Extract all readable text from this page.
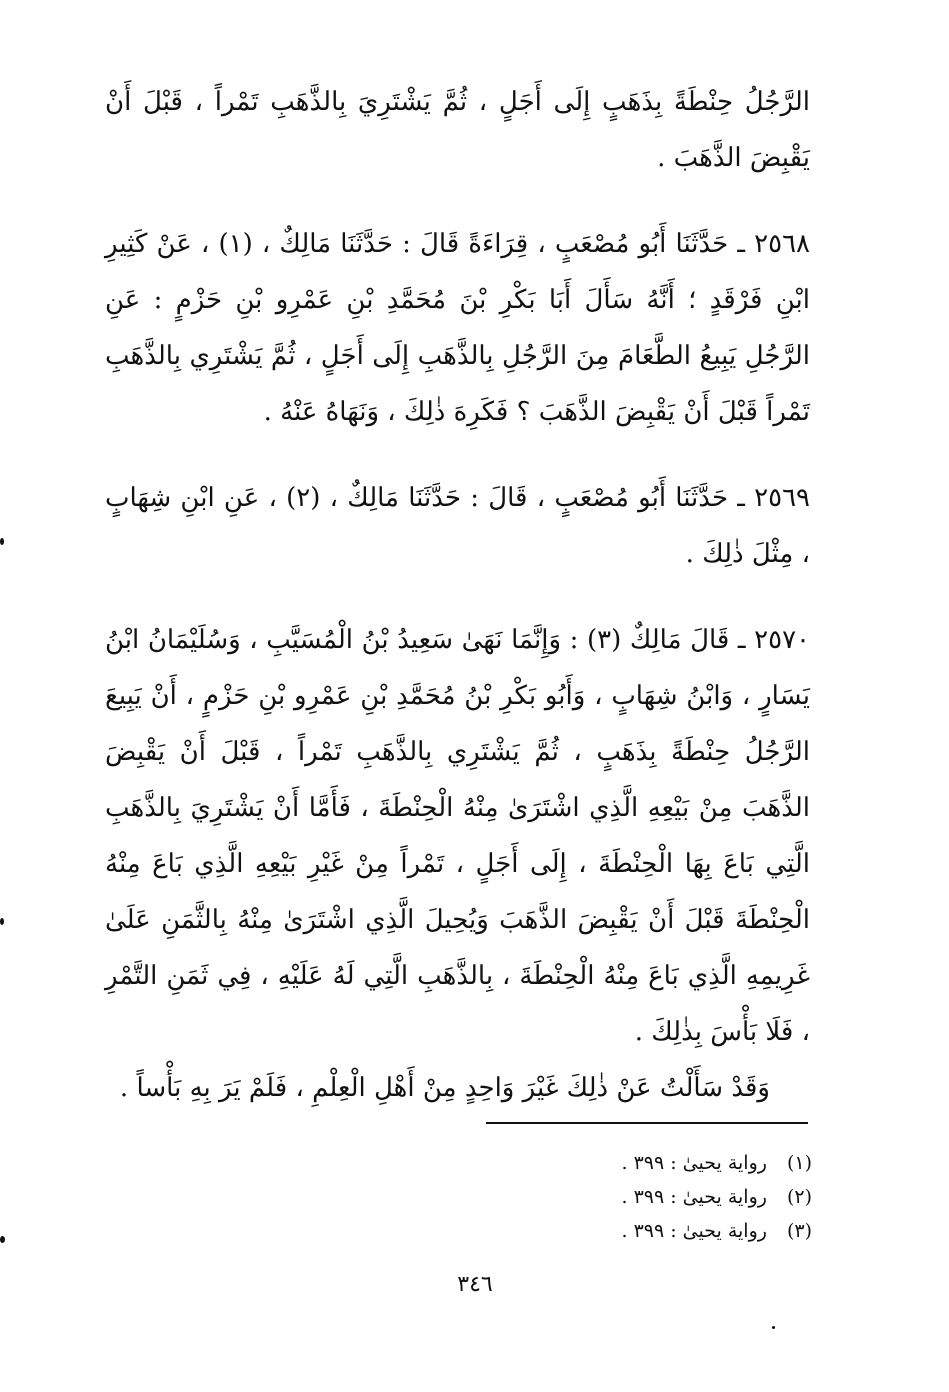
الرَّجُلُ حِنْطَةً بِذَهَبٍ إِلَى أَجَلٍ ، ثُمَّ يَشْتَرِيَ بِالذَّهَبِ تَمْراً ، قَبْلَ أَنْ يَقْبِضَ الذَّهَبَ .

٢٥٦٨ ـ حَدَّثَنَا أَبُو مُصْعَبٍ ، قِرَاءَةً قَالَ : حَدَّثَنَا مَالِكٌ ، (١) ، عَنْ كَثِيرِ ابْنِ فَرْقَدٍ ؛ أَنَّهُ سَأَلَ أَبَا بَكْرِ بْنَ مُحَمَّدِ بْنِ عَمْرِو بْنِ حَزْمٍ : عَنِ الرَّجُلِ يَبِيعُ الطَّعَامَ مِنَ الرَّجُلِ بِالذَّهَبِ إِلَى أَجَلٍ ، ثُمَّ يَشْتَرِي بِالذَّهَبِ تَمْراً قَبْلَ أَنْ يَقْبِضَ الذَّهَبَ ؟ فَكَرِهَ ذٰلِكَ ، وَنَهَاهُ عَنْهُ .

٢٥٦٩ ـ حَدَّثَنَا أَبُو مُصْعَبٍ ، قَالَ : حَدَّثَنَا مَالِكٌ ، (٢) ، عَنِ ابْنِ شِهَابٍ ، مِثْلَ ذٰلِكَ .

٢٥٧٠ ـ قَالَ مَالِكٌ (٣) : وَإِنَّمَا نَهَىٰ سَعِيدُ بْنُ الْمُسَيَّبِ ، وَسُلَيْمَانُ ابْنُ يَسَارٍ ، وَابْنُ شِهَابٍ ، وَأَبُو بَكْرِ بْنُ مُحَمَّدِ بْنِ عَمْرِو بْنِ حَزْمٍ ، أَنْ يَبِيعَ الرَّجُلُ حِنْطَةً بِذَهَبٍ ، ثُمَّ يَشْتَرِي بِالذَّهَبِ تَمْراً ، قَبْلَ أَنْ يَقْبِضَ الذَّهَبَ مِنْ بَيْعِهِ الَّذِي اشْتَرَىٰ مِنْهُ الْحِنْطَةَ ، فَأَمَّا أَنْ يَشْتَرِيَ بِالذَّهَبِ الَّتِي بَاعَ بِهَا الْحِنْطَةَ ، إِلَى أَجَلٍ ، تَمْراً مِنْ غَيْرِ بَيْعِهِ الَّذِي بَاعَ مِنْهُ الْحِنْطَةَ قَبْلَ أَنْ يَقْبِضَ الذَّهَبَ وَيُحِيلَ الَّذِي اشْتَرَىٰ مِنْهُ بِالثَّمَنِ عَلَىٰ غَرِيمِهِ الَّذِي بَاعَ مِنْهُ الْحِنْطَةَ ، بِالذَّهَبِ الَّتِي لَهُ عَلَيْهِ ، فِي ثَمَنِ التَّمْرِ ، فَلَا بَأْسَ بِذٰلِكَ .

وَقَدْ سَأَلْتُ عَنْ ذٰلِكَ غَيْرَ وَاحِدٍ مِنْ أَهْلِ الْعِلْمِ ، فَلَمْ يَرَ بِهِ بَأْساً .

(١)رواية يحيىٰ : ٣٩٩ .
(٢)رواية يحيىٰ : ٣٩٩ .
(٣)رواية يحيىٰ : ٣٩٩ .
٣٤٦
